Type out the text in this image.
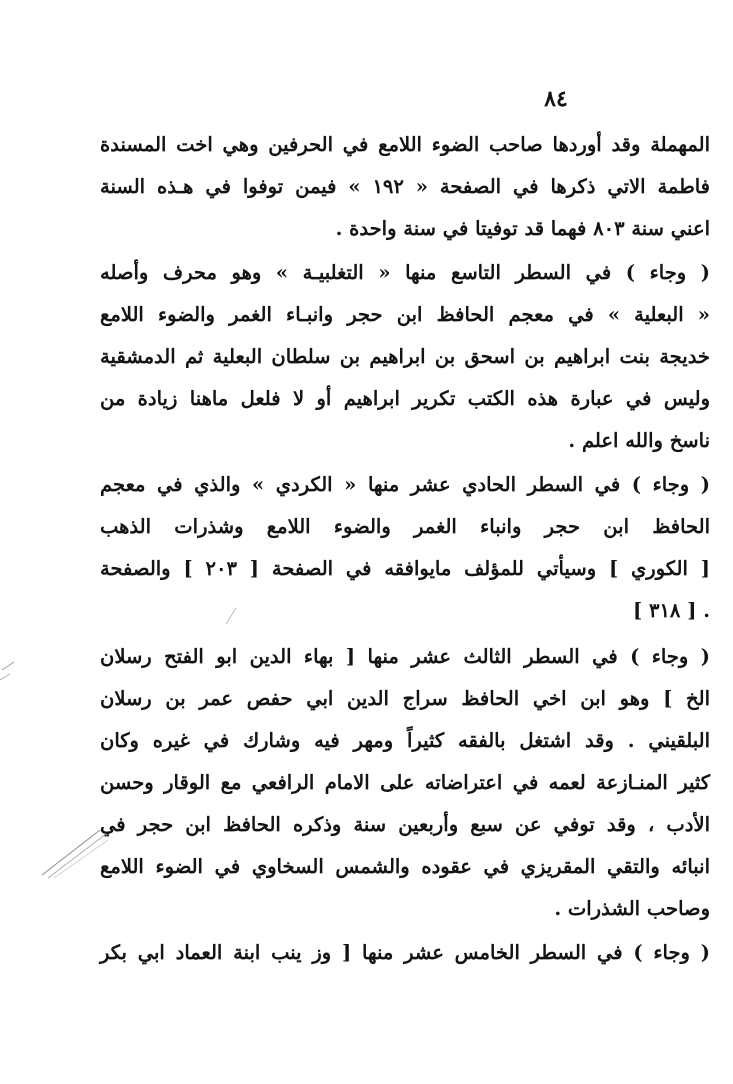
٨٤
المهملة وقد أوردها صاحب الضوء اللامع في الحرفين وهي اخت المسندة
فاطمة الاتي ذكرها في الصفحة « ١٩٢ » فيمن توفوا في هـذه السنة
اعني سنة ٨٠٣ فهما قد توفيتا في سنة واحدة .
( وجاء ) في السطر التاسع منها « التغلبيـة » وهو محرف وأصله
« البعلية » في معجم الحافظ ابن حجر وانبـاء الغمر والضوء اللامع
خديجة بنت ابراهيم بن اسحق بن ابراهيم بن سلطان البعلية ثم الدمشقية
وليس في عبارة هذه الكتب تكرير ابراهيم أو لا فلعل ماهنا زيادة من
ناسخ والله اعلم .
( وجاء ) في السطر الحادي عشر منها « الكردي » والذي في معجم
الحافظ ابن حجر وانباء الغمر والضوء اللامع وشذرات الذهب
[ الكوري ] وسيأتي للمؤلف مايوافقه في الصفحة [ ٢٠٣ ] والصفحة
[ ٣١٨ ] .
( وجاء ) في السطر الثالث عشر منها [ بهاء الدين ابو الفتح رسلان
الخ ] وهو ابن اخي الحافظ سراج الدين ابي حفص عمر بن رسلان
البلقيني . وقد اشتغل بالفقه كثيراً ومهر فيه وشارك في غيره وكان
كثير المنـازعة لعمه في اعتراضاته على الامام الرافعي مع الوقار وحسن
الأدب ، وقد توفي عن سبع وأربعين سنة وذكره الحافظ ابن حجر في
انبائه والتقي المقريزي في عقوده والشمس السخاوي في الضوء اللامع
وصاحب الشذرات .
( وجاء ) في السطر الخامس عشر منها [ وز ينب ابنة العماد ابي بكر
